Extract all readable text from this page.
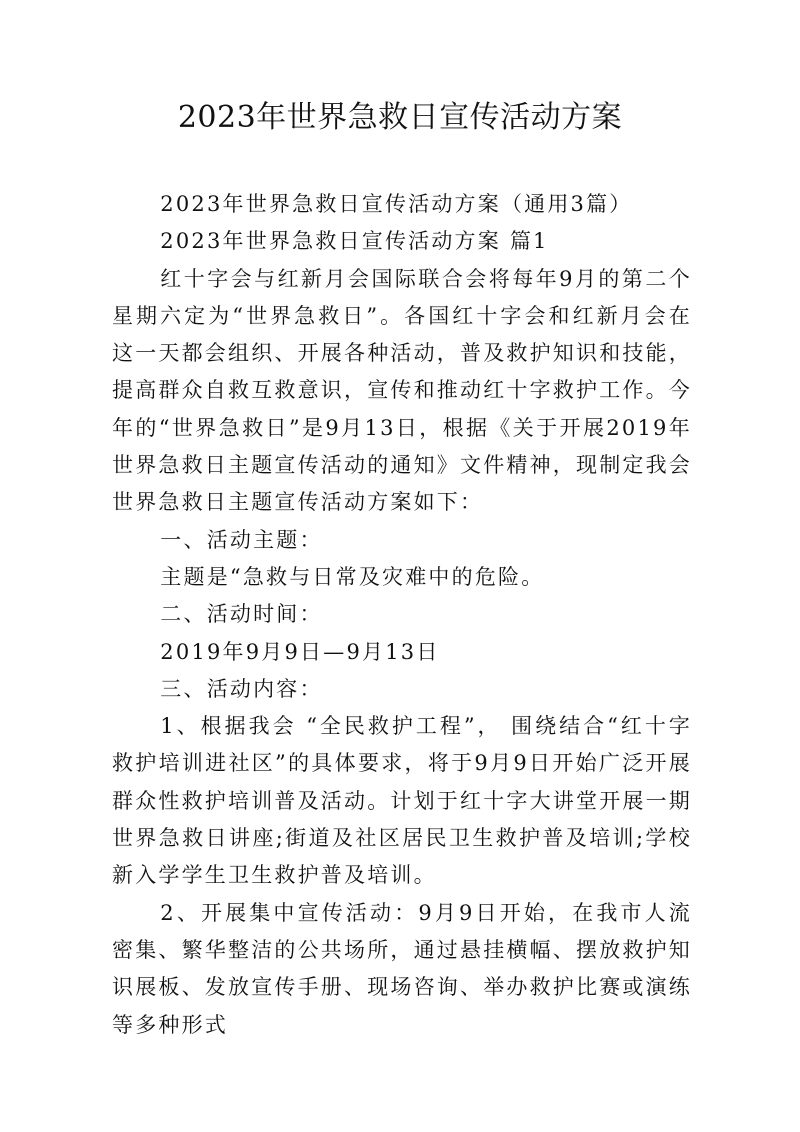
2023年世界急救日宣传活动方案

2023年世界急救日宣传活动方案（通用3篇）

2023年世界急救日宣传活动方案 篇1

红十字会与红新月会国际联合会将每年9月的第二个星期六定为“世界急救日”。各国红十字会和红新月会在这一天都会组织、开展各种活动，普及救护知识和技能，提高群众自救互救意识，宣传和推动红十字救护工作。今年的“世界急救日”是9月13日，根据《关于开展2019年世界急救日主题宣传活动的通知》文件精神，现制定我会世界急救日主题宣传活动方案如下：

一、活动主题：

主题是“急救与日常及灾难中的危险。

二、活动时间：

2019年9月9日—9月13日

三、活动内容：

1、根据我会 “全民救护工程”， 围绕结合“红十字救护培训进社区”的具体要求，将于9月9日开始广泛开展群众性救护培训普及活动。计划于红十字大讲堂开展一期世界急救日讲座;街道及社区居民卫生救护普及培训;学校新入学学生卫生救护普及培训。

2、开展集中宣传活动：9月9日开始，在我市人流密集、繁华整洁的公共场所，通过悬挂横幅、摆放救护知识展板、发放宣传手册、现场咨询、举办救护比赛或演练等多种形式
